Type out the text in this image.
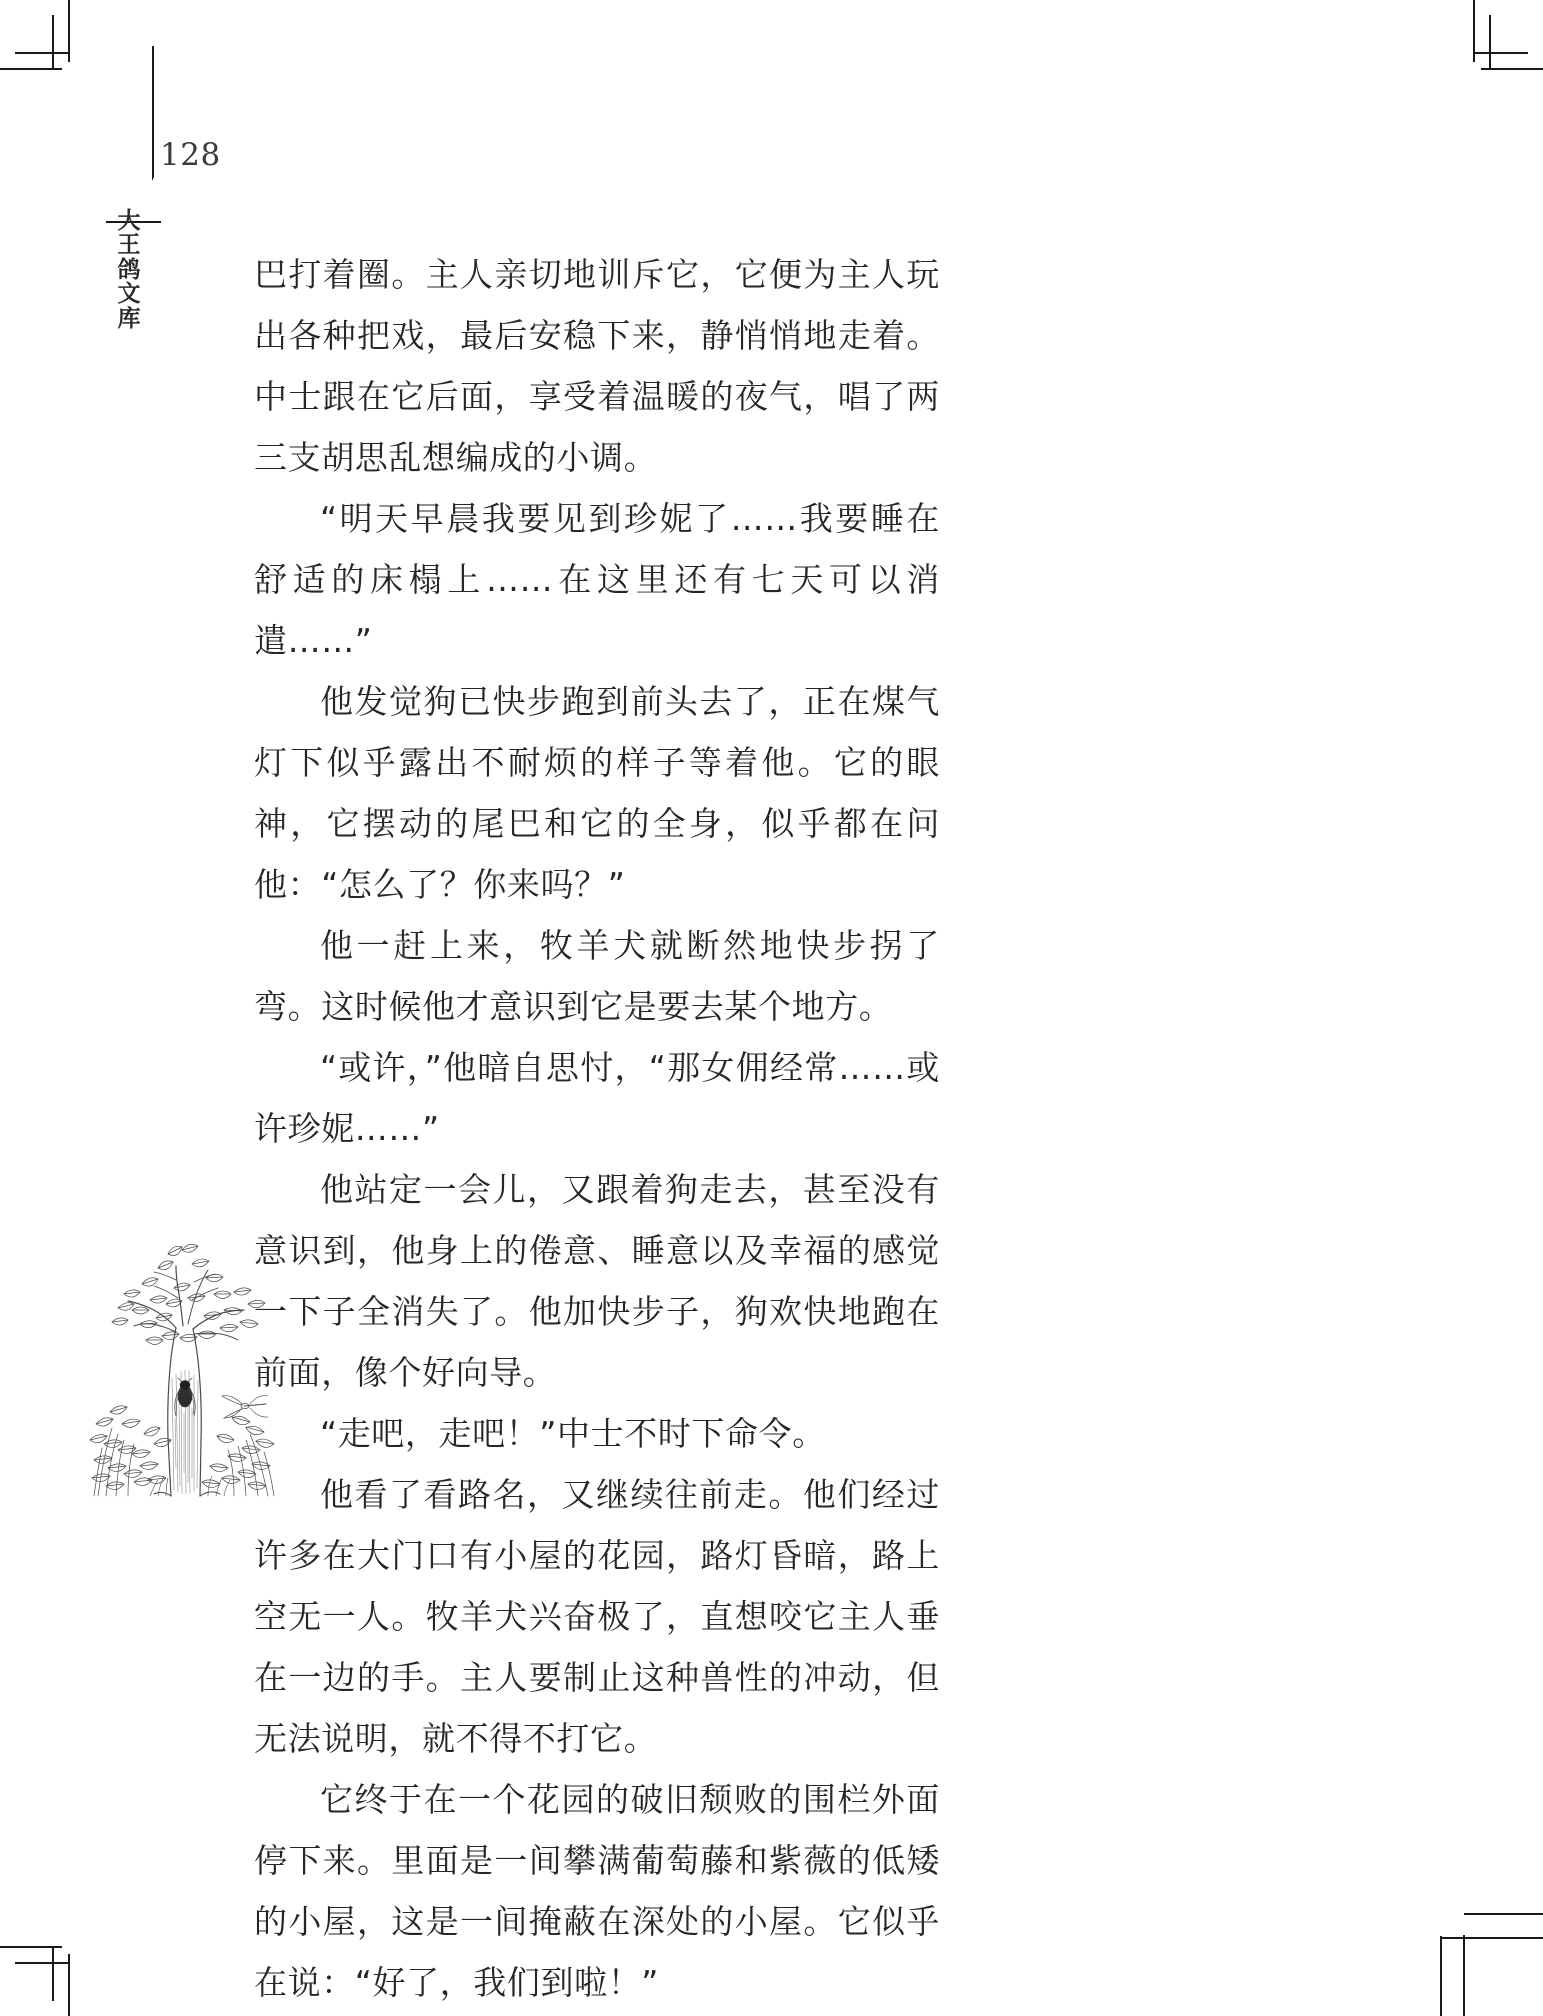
128
大
王
鸽
文
库

巴打着圈。主人亲切地训斥它，它便为主人玩出各种把戏，最后安稳下来，静悄悄地走着。中士跟在它后面，享受着温暖的夜气，唱了两三支胡思乱想编成的小调。

“明天早晨我要见到珍妮了……我要睡在舒适的床榻上……在这里还有七天可以消遣……”

他发觉狗已快步跑到前头去了，正在煤气灯下似乎露出不耐烦的样子等着他。它的眼神，它摆动的尾巴和它的全身，似乎都在问他：“怎么了？你来吗？”

他一赶上来，牧羊犬就断然地快步拐了弯。这时候他才意识到它是要去某个地方。

“或许，”他暗自思忖，“那女佣经常……或许珍妮……”

他站定一会儿，又跟着狗走去，甚至没有意识到，他身上的倦意、睡意以及幸福的感觉一下子全消失了。他加快步子，狗欢快地跑在前面，像个好向导。

“走吧，走吧！”中士不时下命令。

他看了看路名，又继续往前走。他们经过许多在大门口有小屋的花园，路灯昏暗，路上空无一人。牧羊犬兴奋极了，直想咬它主人垂在一边的手。主人要制止这种兽性的冲动，但无法说明，就不得不打它。

它终于在一个花园的破旧颓败的围栏外面停下来。里面是一间攀满葡萄藤和紫薇的低矮的小屋，这是一间掩蔽在深处的小屋。它似乎在说：“好了，我们到啦！”
